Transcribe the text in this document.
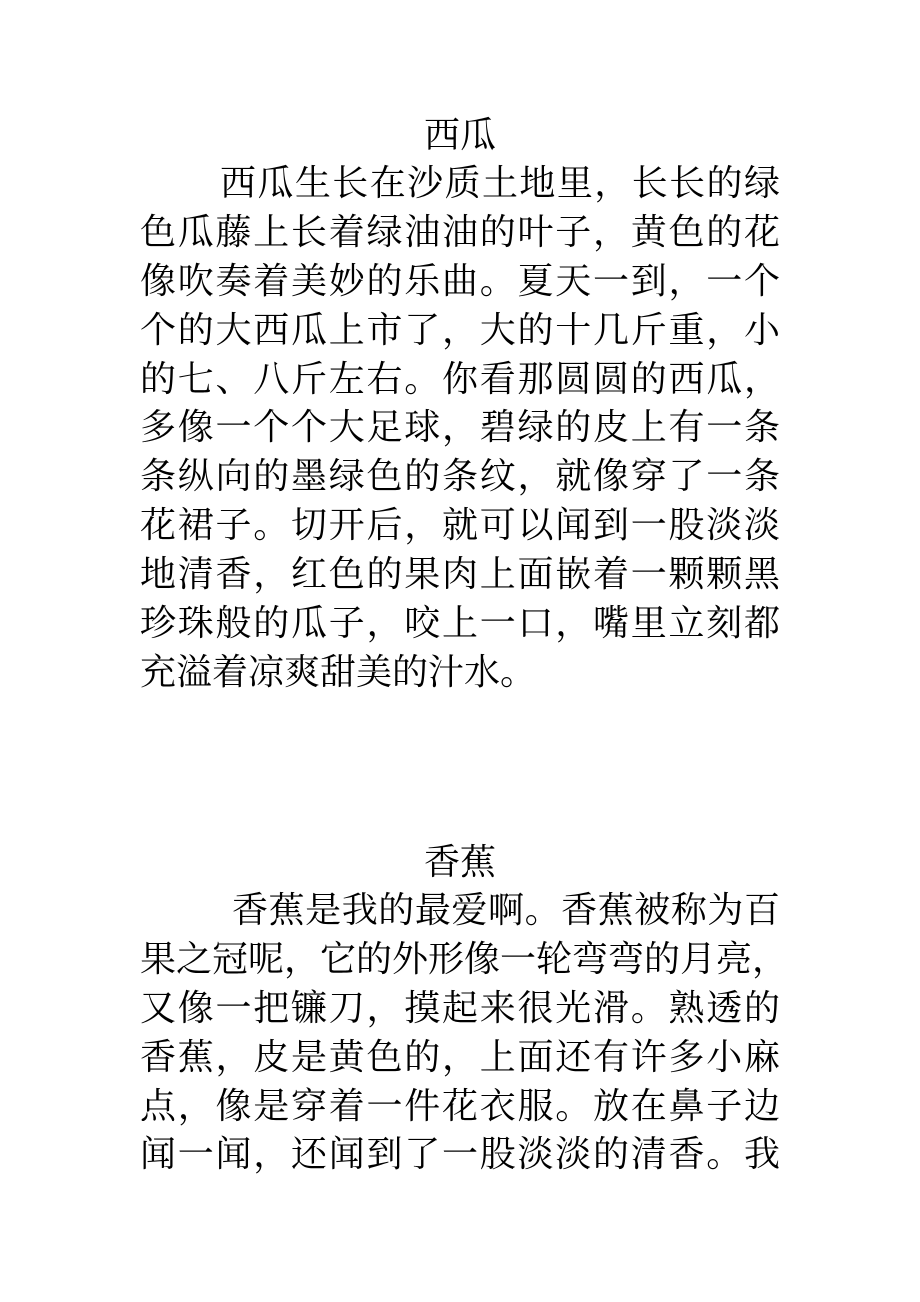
西瓜

西瓜生长在沙质土地里，长长的绿

色瓜藤上长着绿油油的叶子，黄色的花

像吹奏着美妙的乐曲。夏天一到，一个

个的大西瓜上市了，大的十几斤重，小

的七、八斤左右。你看那圆圆的西瓜，

多像一个个大足球，碧绿的皮上有一条

条纵向的墨绿色的条纹，就像穿了一条

花裙子。切开后，就可以闻到一股淡淡

地清香，红色的果肉上面嵌着一颗颗黑

珍珠般的瓜子，咬上一口，嘴里立刻都

充溢着凉爽甜美的汁水。

香蕉

香蕉是我的最爱啊。香蕉被称为百

果之冠呢，它的外形像一轮弯弯的月亮，

又像一把镰刀，摸起来很光滑。熟透的

香蕉，皮是黄色的，上面还有许多小麻

点，像是穿着一件花衣服。放在鼻子边

闻一闻，还闻到了一股淡淡的清香。我
